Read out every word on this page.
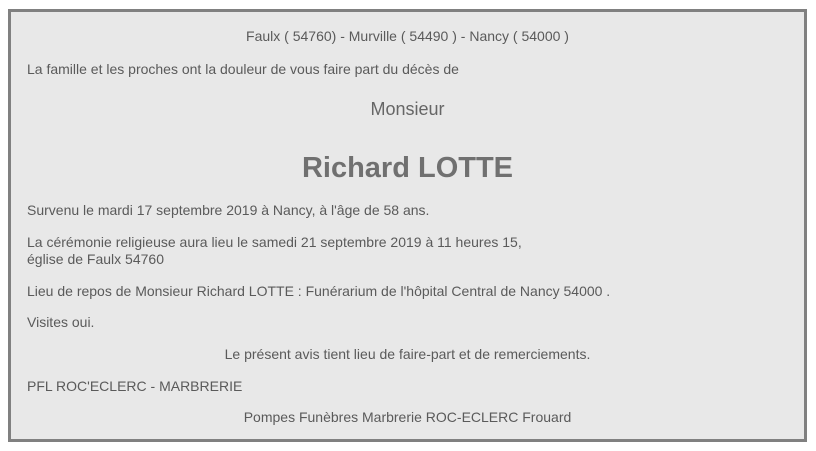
Faulx ( 54760) - Murville ( 54490 ) - Nancy ( 54000 )
La famille et les proches ont la douleur de vous faire part du décès de
Monsieur
Richard LOTTE
Survenu le mardi 17 septembre 2019 à Nancy, à l'âge de 58 ans.
La cérémonie religieuse aura lieu le samedi 21 septembre 2019 à 11 heures 15,
église de Faulx 54760
Lieu de repos de Monsieur Richard LOTTE : Funérarium de l'hôpital Central de Nancy 54000 .
Visites oui.
Le présent avis tient lieu de faire-part et de remerciements.
PFL ROC'ECLERC - MARBRERIE
Pompes Funèbres Marbrerie ROC-ECLERC Frouard
